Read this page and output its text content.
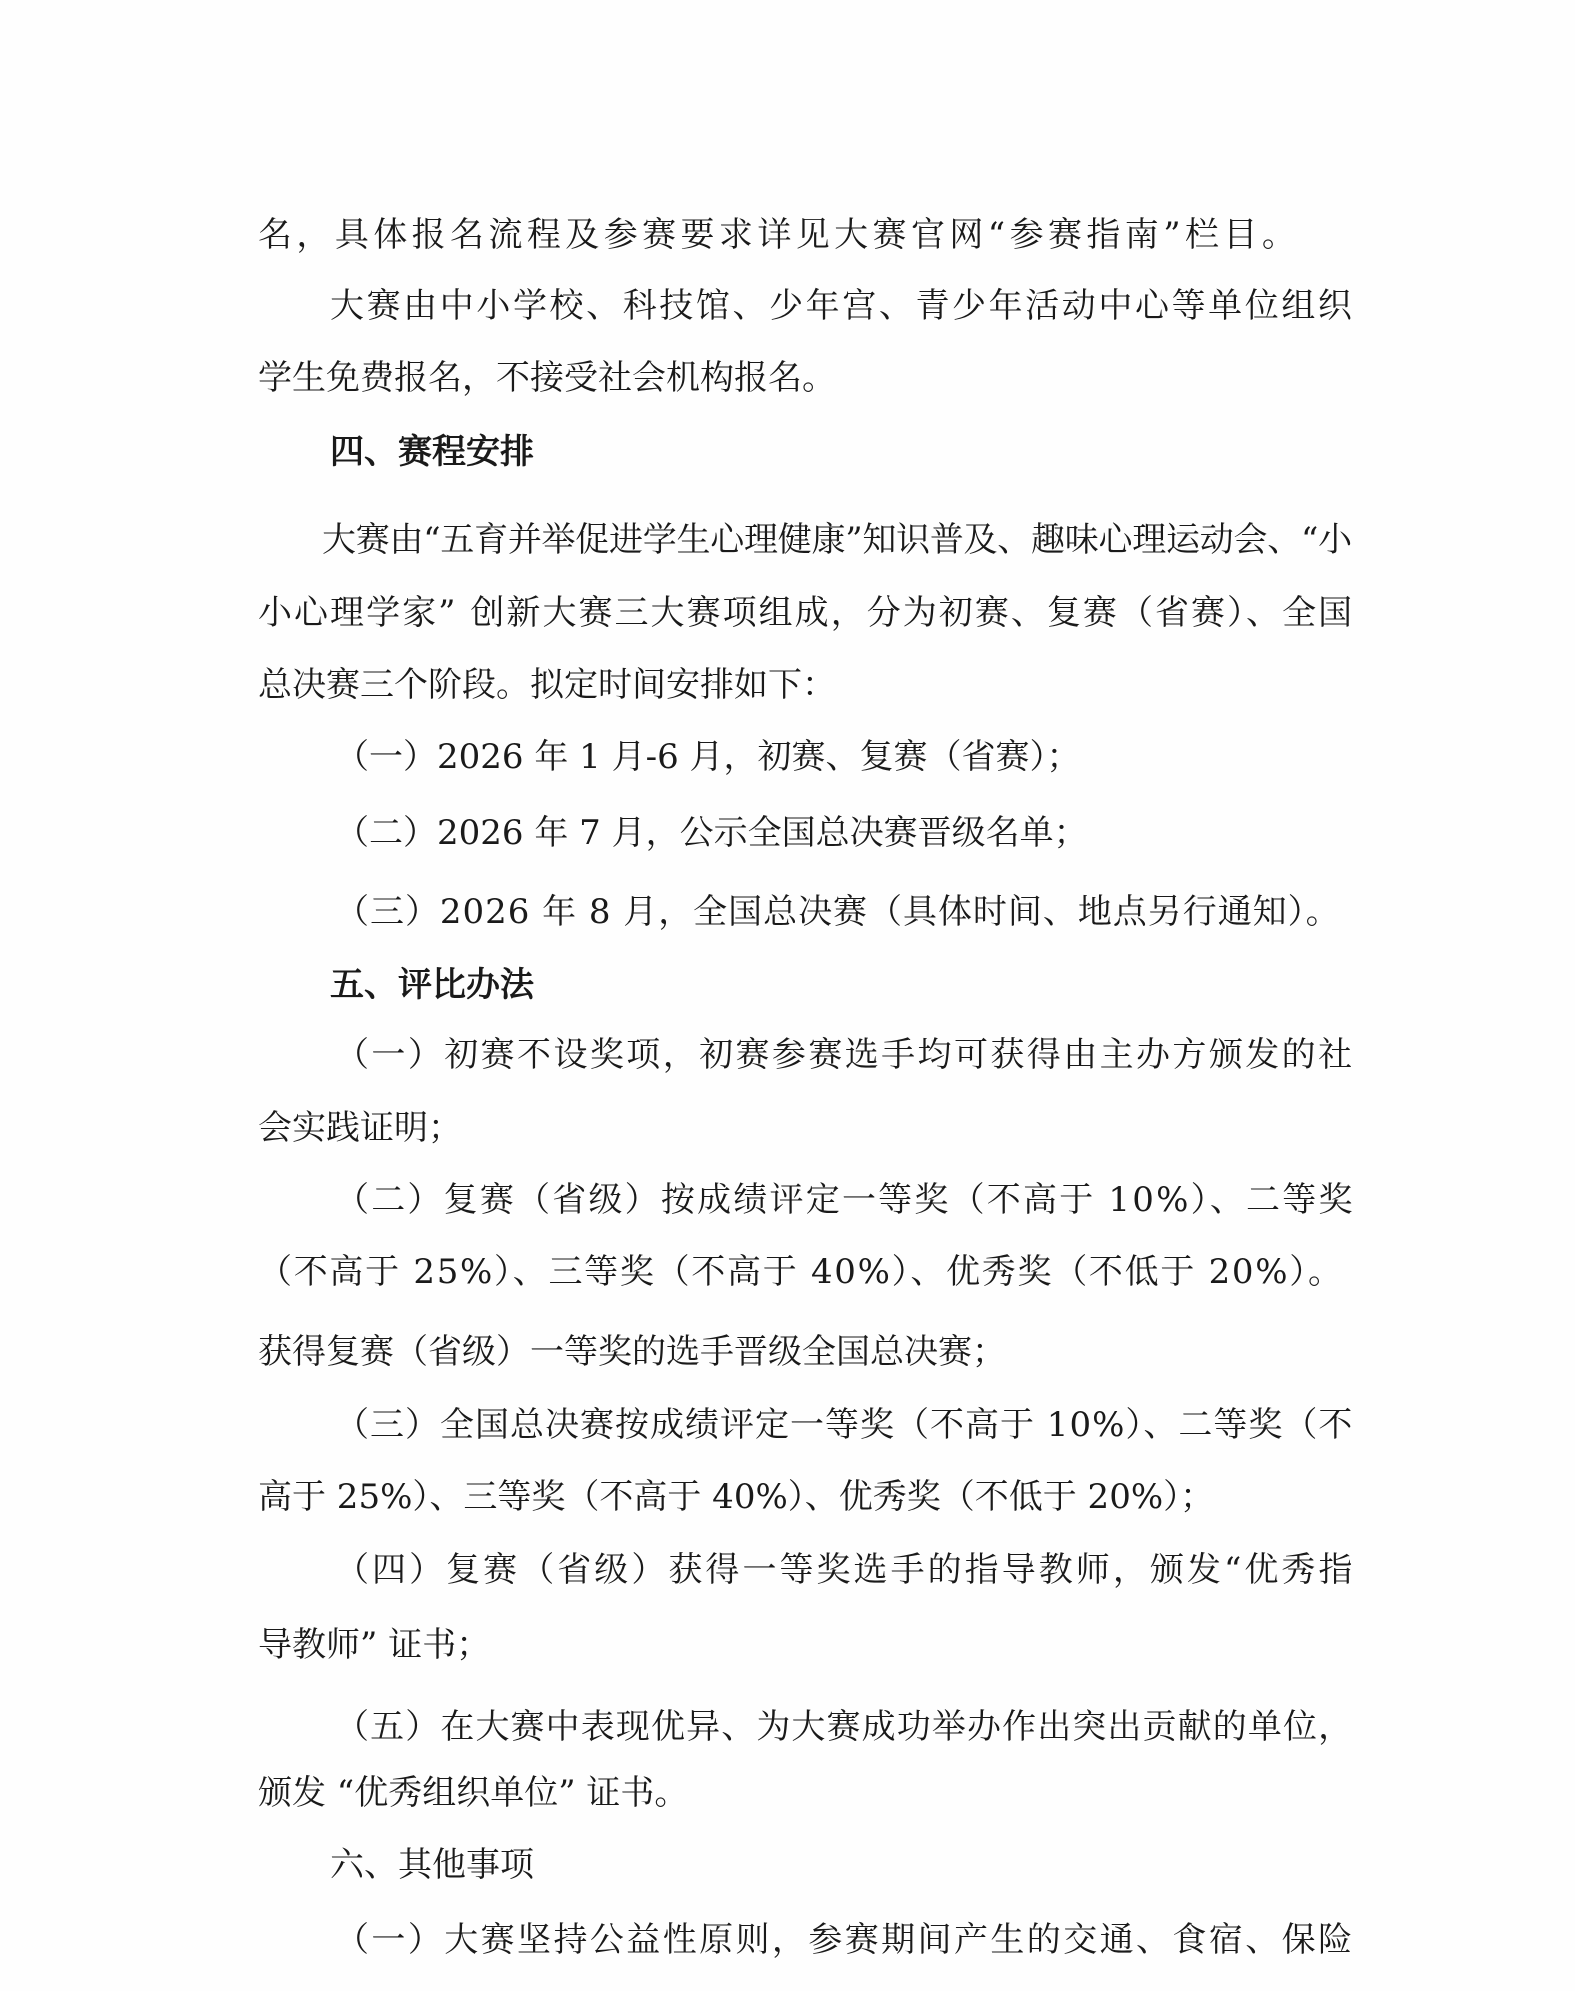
名，具体报名流程及参赛要求详见大赛官网“参赛指南”栏目。
大赛由中小学校、科技馆、少年宫、青少年活动中心等单位组织
学生免费报名，不接受社会机构报名。
四、赛程安排
大赛由“五育并举促进学生心理健康”知识普及、趣味心理运动会、“小
小心理学家” 创新大赛三大赛项组成，分为初赛、复赛（省赛）、全国
总决赛三个阶段。拟定时间安排如下：
（一）2026 年 1 月-6 月，初赛、复赛（省赛）；
（二）2026 年 7 月，公示全国总决赛晋级名单；
（三）2026 年 8 月，全国总决赛（具体时间、地点另行通知）。
五、评比办法
（一）初赛不设奖项，初赛参赛选手均可获得由主办方颁发的社
会实践证明；
（二）复赛（省级）按成绩评定一等奖（不高于 10%）、二等奖
（不高于 25%）、三等奖（不高于 40%）、优秀奖（不低于 20%）。
获得复赛（省级）一等奖的选手晋级全国总决赛；
（三）全国总决赛按成绩评定一等奖（不高于 10%）、二等奖（不
高于 25%）、三等奖（不高于 40%）、优秀奖（不低于 20%）；
（四）复赛（省级）获得一等奖选手的指导教师，颁发“优秀指
导教师” 证书；
（五）在大赛中表现优异、为大赛成功举办作出突出贡献的单位，
颁发 “优秀组织单位” 证书。
六、其他事项
（一）大赛坚持公益性原则，参赛期间产生的交通、食宿、保险
